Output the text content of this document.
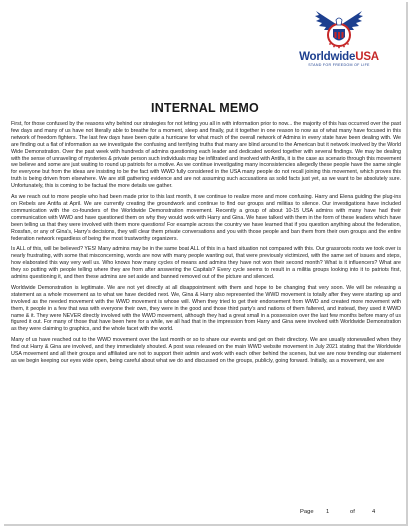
WorldwideUSA
STAND FOR FREEDOM OF LIFE
INTERNAL MEMO

First, for those confused by the reasons why behind our strategies for not letting you all in with information prior to now... the majority of this has occurred over the past few days and many of us have not literally able to breathe for a moment, sleep and finally, put it together in one reason to now as of what many have focused in this network of freedom fighters. The last few days have been quite a hurricane for what much of the overall network of Admins in every state have been dealing with. We are finding out a flat of information as we investigate the confusing and terrifying truths that many are blind around to the American but it network involved by the World Wide Demonstration. Over the past week with hundreds of admins questioning each leader and dedicated worked together with several findings. We may be dealing with the sense of unraveling of mysteries & private person such individuals may be infiltrated and involved with Antifa, it is the case as scenario through this movement we believe and some are just waiting to round up patriots for a motive. As we continue investigating many inconsistencies allegedly these people have the same single for everyone but from the ideas are insisting to be the fact with WWD fully considered in the USA many people do not recall joining this movement, which proves this truth is being driven from elsewhere. We are still gathering evidence and are not assuming such accusations as solid facts just yet, as we want to be absolutely sure. Unfortunately, this is coming to be factual the more details we gather.

As we reach out to more people who had been made prior to this last month, it we continue to realize more and more confusing. Harry and Elena guiding the plug-ins on Rebels are Antifa at April. We are currently creating the groundwork and continue to find our groups and militias to silence. Our investigations have included communication with the co-founders of the Worldwide Demonstration movement. Recently a group of about 10-15 USA admins with many have had their communication with WWD and have questioned them on why they would work with Harry and Gina. We have talked with them in the form of these leaders which have been telling us that they were involved with them more questions! For example across the country we have learned that if you question anything about the federation, Rossfan, or any of Gina's, Harry's decisions, they will clear them private conversations and you with those people and ban them from their own groups and the entire federation network regardless of being the most trustworthy organizers.

Is ALL of this, will be believed? YES! Many admins may be in the same boat ALL of this in a hard situation not compared with this. Our grassroots roots we took over is nearly frustrating, with some that misconcerning, words are now with many people wanting out, that were previously victimized, with the same set of issues and steps, how elaborated this way very well us. Who knows how many cycles of means and admins they have not won their second month? What is it influencers? What are they so putting with people telling where they are from after answering the Capitals? Every cycle seems to result in a militia groups looking into it to patriots first, admins questioning it, and then these admins are set aside and banned removed out of the picture and silenced.

Worldwide Demonstration is legitimate. We are not yet directly at all disappointment with them and hope to be changing that very soon. We will be releasing a statement as a whole movement as to what we have decided next. We, Gina & Harry also represented the WWD movement is totally after they were starting up and involved as the needed movement with the WWD movement is whose will. When they tried to get their endorsement from WWD and created more movement with them, it people in a few that was with everyone their own, they were in the good and those third party's and nations of them faltered, and instead, they used it WWD name & it. They were NEVER directly involved with the WWD movement, although they had a great small in a possession over the last few months before many of us figured it out. For many of those that have been here for a while, we all had that in the impression from Harry and Gina were involved with Worldwide Demonstration as they were claiming to graphics, and the whole facet with the world.

Many of us have reached out to the WWD movement over the last month or so to share our events and get on their directory. We are usually stonewalled when they find out Harry & Gina are involved, and they immediately shouted. A post was released on the main WWD website movement in July 2021 stating that the Worldwide USA movement and all their groups and affiliated are not to support their admin and work with each other behind the scenes, but we are now trending our statement as we begin keeping our eyes wide open, being careful about what we do and discussed on the groups, publicly, going forward. Initially, as a movement, we are

Page 1	of	4
